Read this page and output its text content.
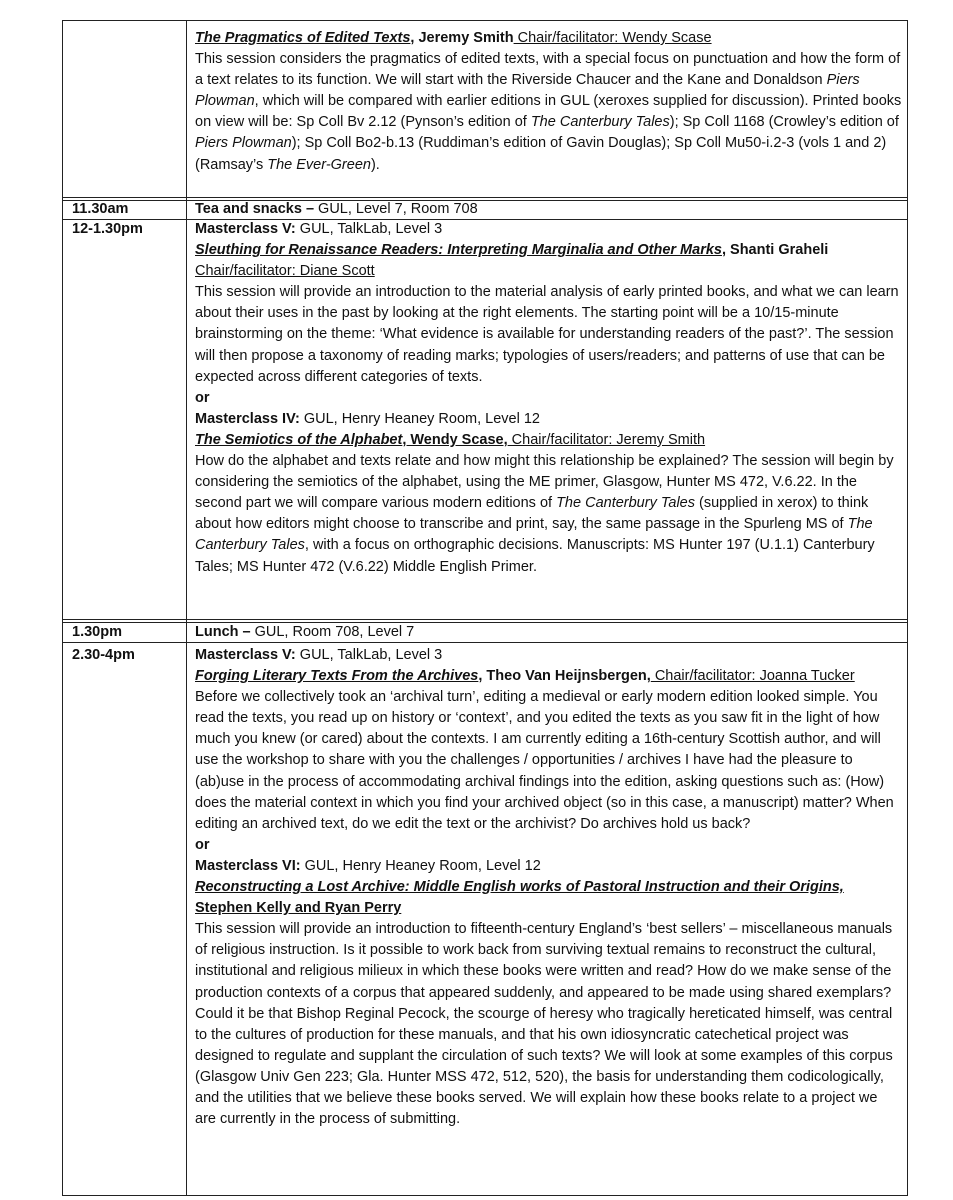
The Pragmatics of Edited Texts, Jeremy Smith Chair/facilitator: Wendy Scase

This session considers the pragmatics of edited texts, with a special focus on punctuation and how the form of a text relates to its function. We will start with the Riverside Chaucer and the Kane and Donaldson Piers Plowman, which will be compared with earlier editions in GUL (xeroxes supplied for discussion). Printed books on view will be: Sp Coll Bv 2.12 (Pynson’s edition of The Canterbury Tales); Sp Coll 1168 (Crowley’s edition of Piers Plowman); Sp Coll Bo2-b.13 (Ruddiman’s edition of Gavin Douglas); Sp Coll Mu50-i.2-3 (vols 1 and 2) (Ramsay’s The Ever-Green).

11.30am	Tea and snacks – GUL, Level 7, Room 708

12-1.30pm	Masterclass V: GUL, TalkLab, Level 3

Sleuthing for Renaissance Readers: Interpreting Marginalia and Other Marks, Shanti Graheli

Chair/facilitator: Diane Scott

This session will provide an introduction to the material analysis of early printed books, and what we can learn about their uses in the past by looking at the right elements. The starting point will be a 10/15-minute brainstorming on the theme: ‘What evidence is available for understanding readers of the past?’. The session will then propose a taxonomy of reading marks; typologies of users/readers; and patterns of use that can be expected across different categories of texts.

or

Masterclass IV: GUL, Henry Heaney Room, Level 12

The Semiotics of the Alphabet, Wendy Scase, Chair/facilitator: Jeremy Smith

How do the alphabet and texts relate and how might this relationship be explained? The session will begin by considering the semiotics of the alphabet, using the ME primer, Glasgow, Hunter MS 472, V.6.22. In the second part we will compare various modern editions of The Canterbury Tales (supplied in xerox) to think about how editors might choose to transcribe and print, say, the same passage in the Spurleng MS of The Canterbury Tales, with a focus on orthographic decisions. Manuscripts: MS Hunter 197 (U.1.1) Canterbury Tales; MS Hunter 472 (V.6.22) Middle English Primer.

1.30pm	Lunch – GUL, Room 708, Level 7

2.30-4pm	Masterclass V: GUL, TalkLab, Level 3

Forging Literary Texts From the Archives, Theo Van Heijnsbergen, Chair/facilitator: Joanna Tucker

Before we collectively took an ‘archival turn’, editing a medieval or early modern edition looked simple. You read the texts, you read up on history or ‘context’, and you edited the texts as you saw fit in the light of how much you knew (or cared) about the contexts. I am currently editing a 16th-century Scottish author, and will use the workshop to share with you the challenges / opportunities / archives I have had the pleasure to (ab)use in the process of accommodating archival findings into the edition, asking questions such as: (How) does the material context in which you find your archived object (so in this case, a manuscript) matter? When editing an archived text, do we edit the text or the archivist? Do archives hold us back?

or

Masterclass VI: GUL, Henry Heaney Room, Level 12

Reconstructing a Lost Archive: Middle English works of Pastoral Instruction and their Origins,

Stephen Kelly and Ryan Perry

This session will provide an introduction to fifteenth-century England’s ‘best sellers’ – miscellaneous manuals of religious instruction. Is it possible to work back from surviving textual remains to reconstruct the cultural, institutional and religious milieux in which these books were written and read? How do we make sense of the production contexts of a corpus that appeared suddenly, and appeared to be made using shared exemplars? Could it be that Bishop Reginal Pecock, the scourge of heresy who tragically hereticated himself, was central to the cultures of production for these manuals, and that his own idiosyncratic catechetical project was designed to regulate and supplant the circulation of such texts? We will look at some examples of this corpus (Glasgow Univ Gen 223; Gla. Hunter MSS 472, 512, 520), the basis for understanding them codicologically, and the utilities that we believe these books served. We will explain how these books relate to a project we are currently in the process of submitting.
